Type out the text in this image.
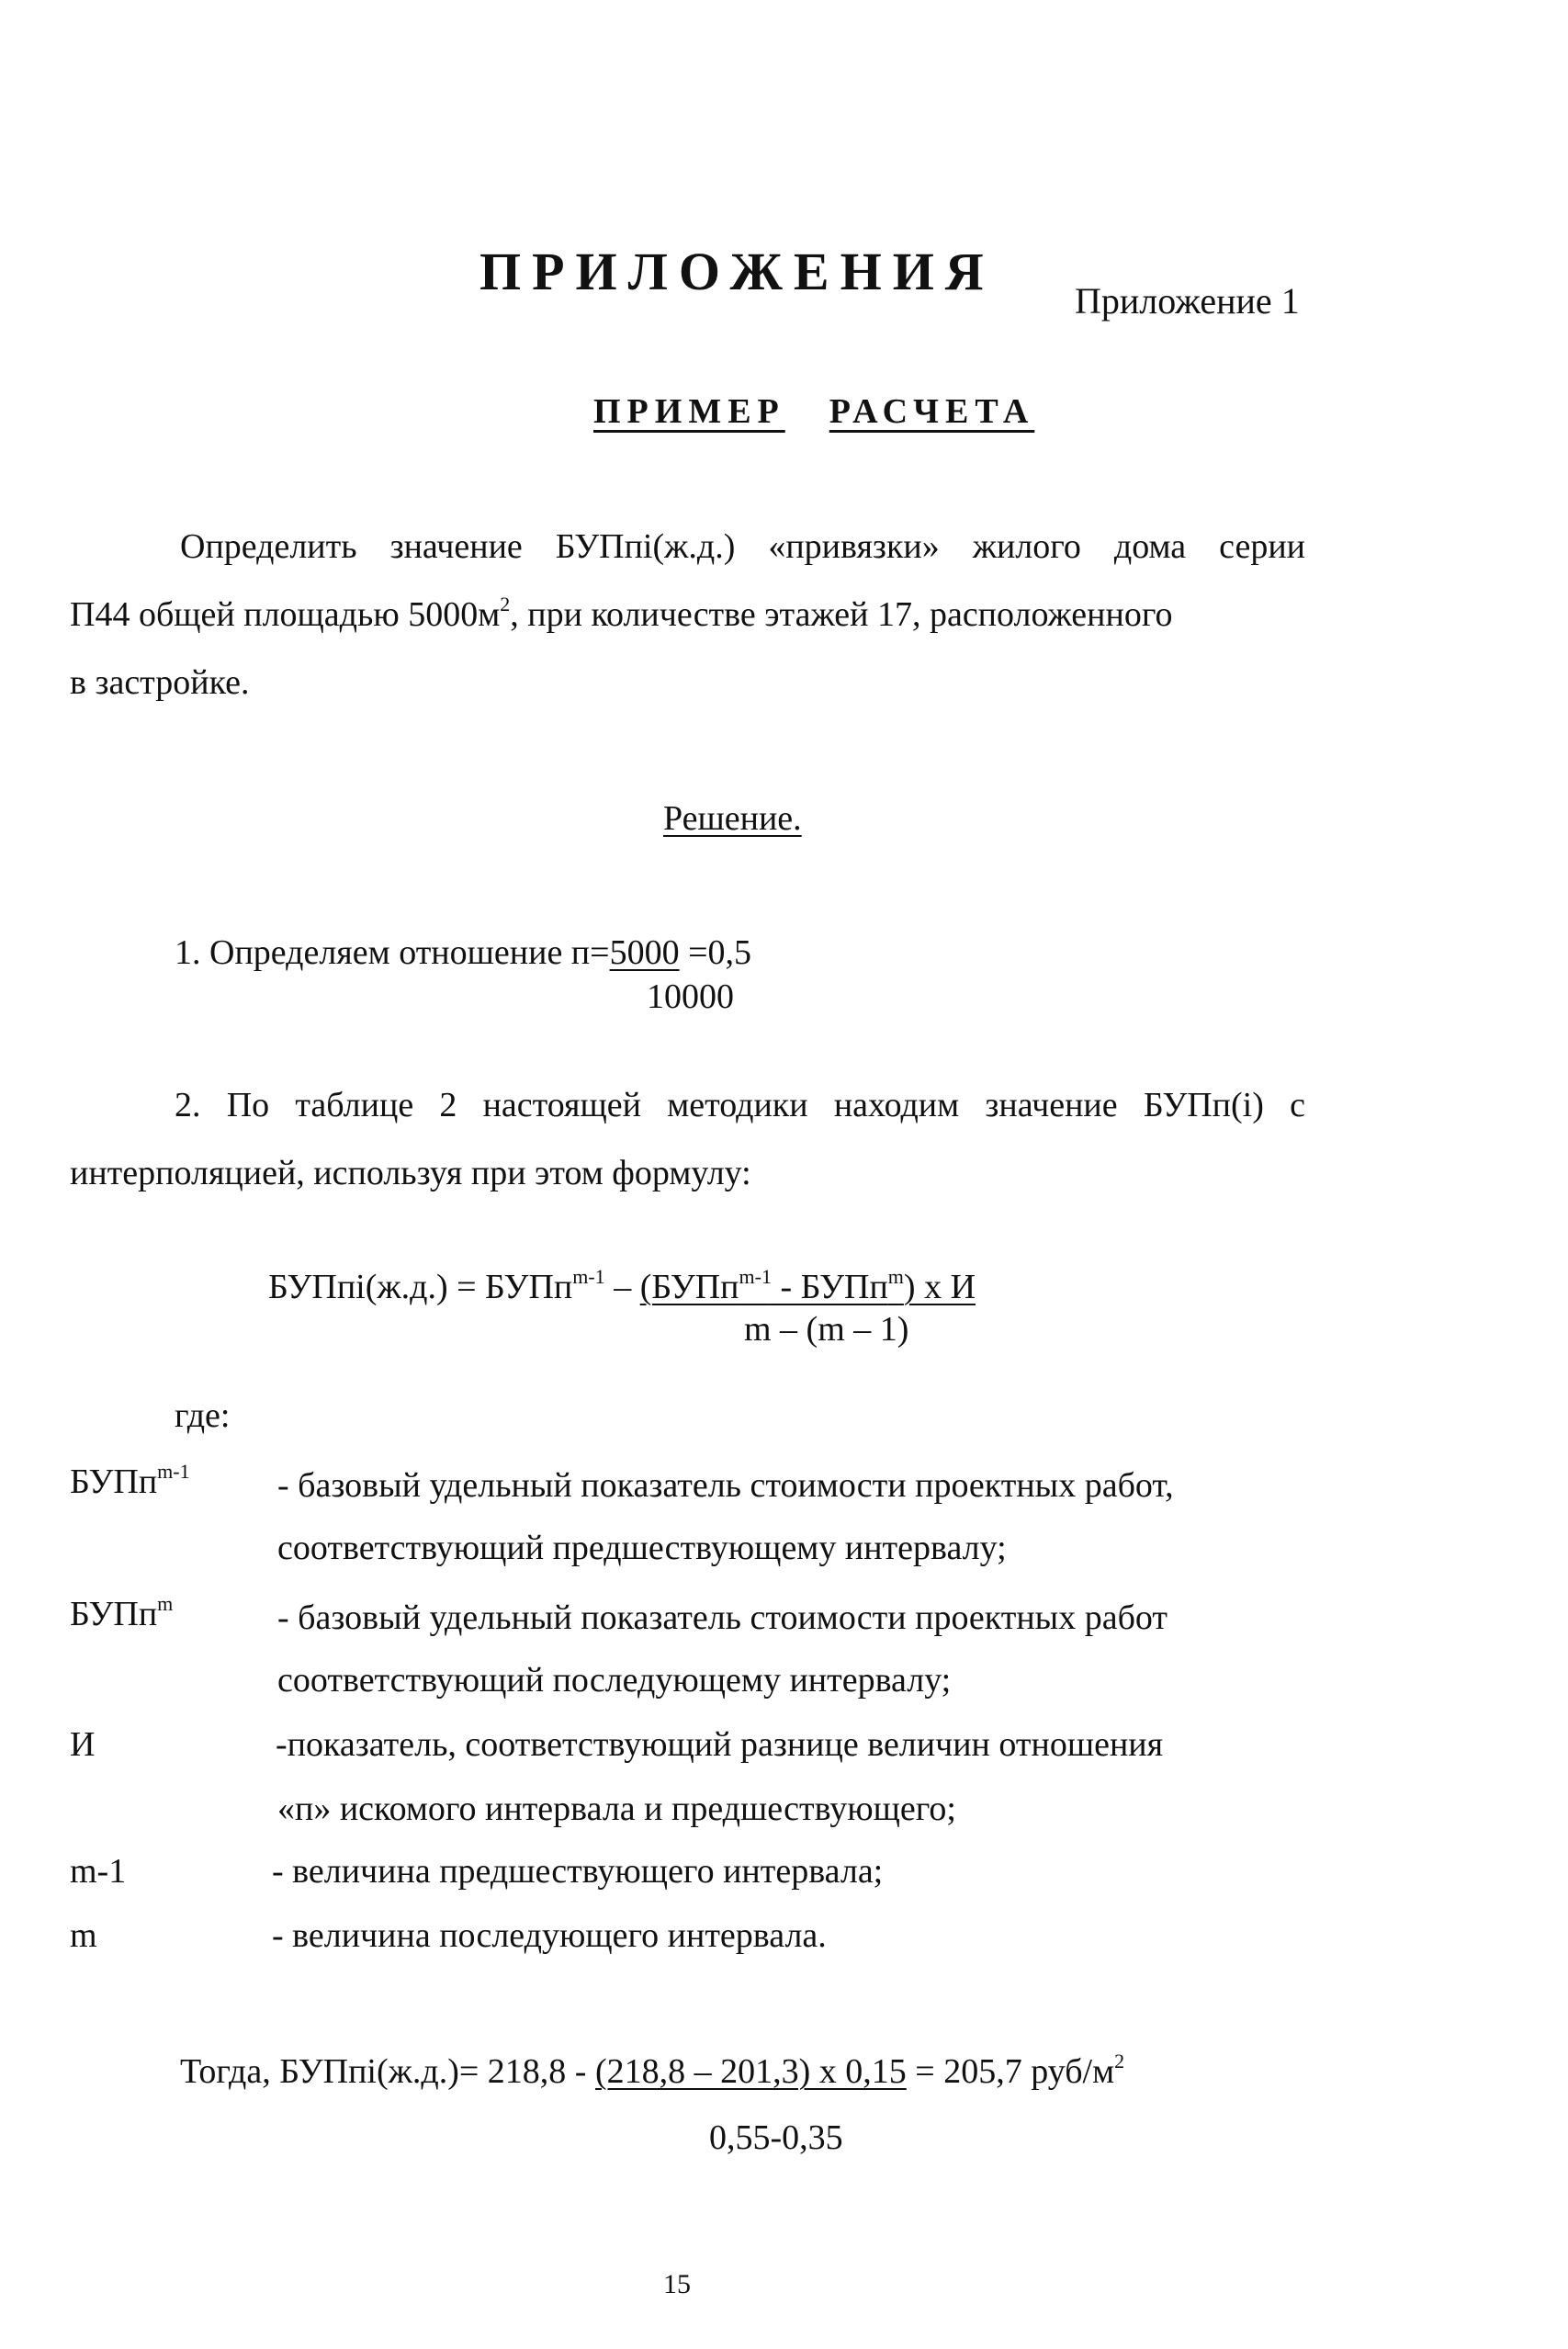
ПРИЛОЖЕНИЯ Приложение 1
ПРИМЕР РАСЧЕТА
Определить значение БУПпі(ж.д.) «привязки» жилого дома серии
П44 общей площадью $5000м^2$, при количестве этажей 17, расположенного
в застройке.
Решение.
1. Определяем отношение п=5000 =0,5
10000
2. По таблице 2 настоящей методики находим значение БУПп(i) с
интерполяцией, используя при этом формулу:
БУПпі(ж.д.) = БУПп$^{m-1}$ – (БУПп$^{m-1}$ - БУПп$^m$) х И
m – (m – 1)
где:
БУПп$^{m-1}$	- базовый удельный показатель стоимости проектных работ,
соответствующий предшествующему интервалу;
БУПп$^m$	- базовый удельный показатель стоимости проектных работ
соответствующий последующему интервалу;
И	-показатель, соответствующий разнице величин отношения
«п» искомого интервала и предшествующего;
m-1	- величина предшествующего интервала;
m	- величина последующего интервала.
Тогда, БУПпі(ж.д.)= 218,8 - (218,8 – 201,3) х 0,15 = 205,7 руб/$м^2$
0,55-0,35
15
